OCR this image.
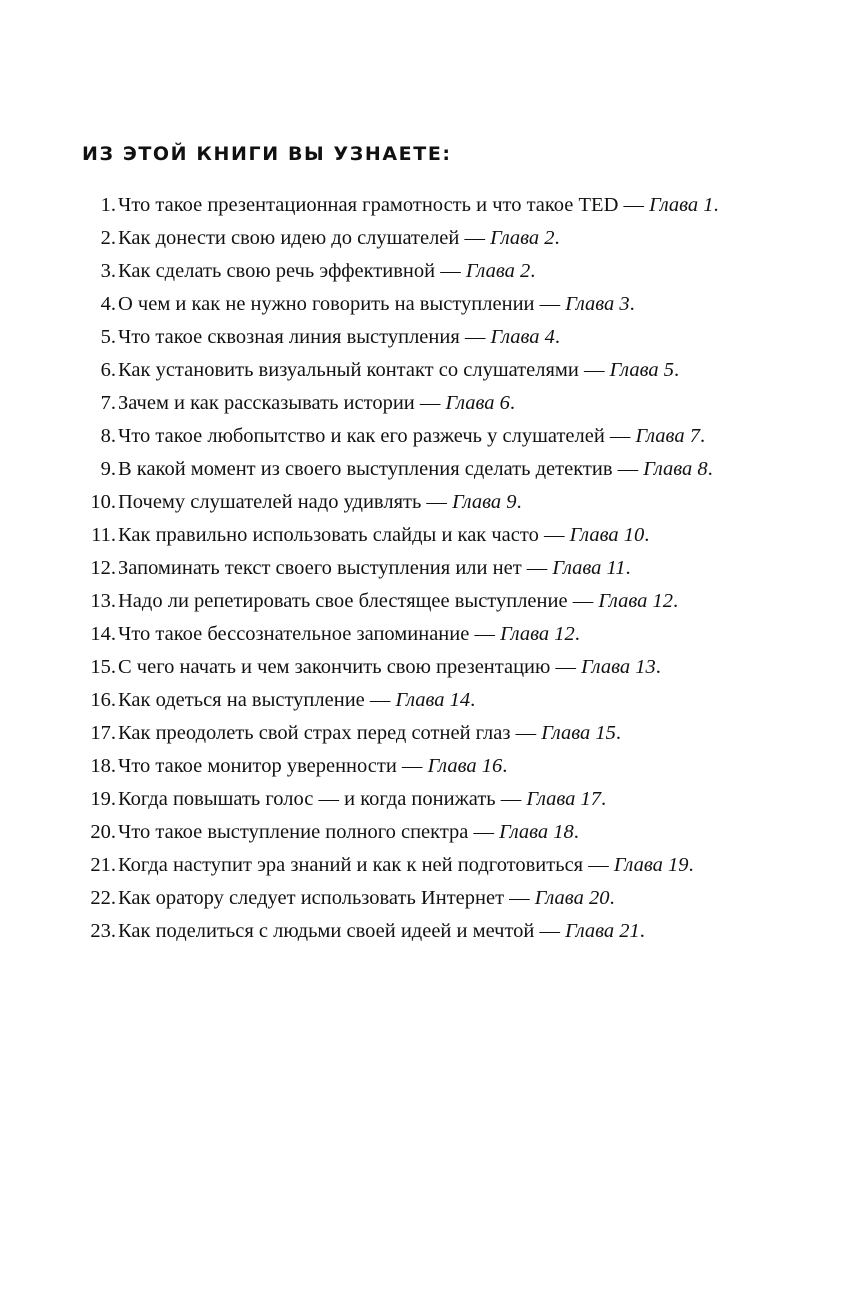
ИЗ ЭТОЙ КНИГИ ВЫ УЗНАЕТЕ:
1. Что такое презентационная грамотность и что такое TED — Глава 1.
2. Как донести свою идею до слушателей — Глава 2.
3. Как сделать свою речь эффективной — Глава 2.
4. О чем и как не нужно говорить на выступлении — Глава 3.
5. Что такое сквозная линия выступления — Глава 4.
6. Как установить визуальный контакт со слушателями — Глава 5.
7. Зачем и как рассказывать истории — Глава 6.
8. Что такое любопытство и как его разжечь у слушателей — Глава 7.
9. В какой момент из своего выступления сделать детектив — Глава 8.
10. Почему слушателей надо удивлять — Глава 9.
11. Как правильно использовать слайды и как часто — Глава 10.
12. Запоминать текст своего выступления или нет — Глава 11.
13. Надо ли репетировать свое блестящее выступление — Глава 12.
14. Что такое бессознательное запоминание — Глава 12.
15. С чего начать и чем закончить свою презентацию — Глава 13.
16. Как одеться на выступление — Глава 14.
17. Как преодолеть свой страх перед сотней глаз — Глава 15.
18. Что такое монитор уверенности — Глава 16.
19. Когда повышать голос — и когда понижать — Глава 17.
20. Что такое выступление полного спектра — Глава 18.
21. Когда наступит эра знаний и как к ней подготовиться — Глава 19.
22. Как оратору следует использовать Интернет — Глава 20.
23. Как поделиться с людьми своей идеей и мечтой — Глава 21.
